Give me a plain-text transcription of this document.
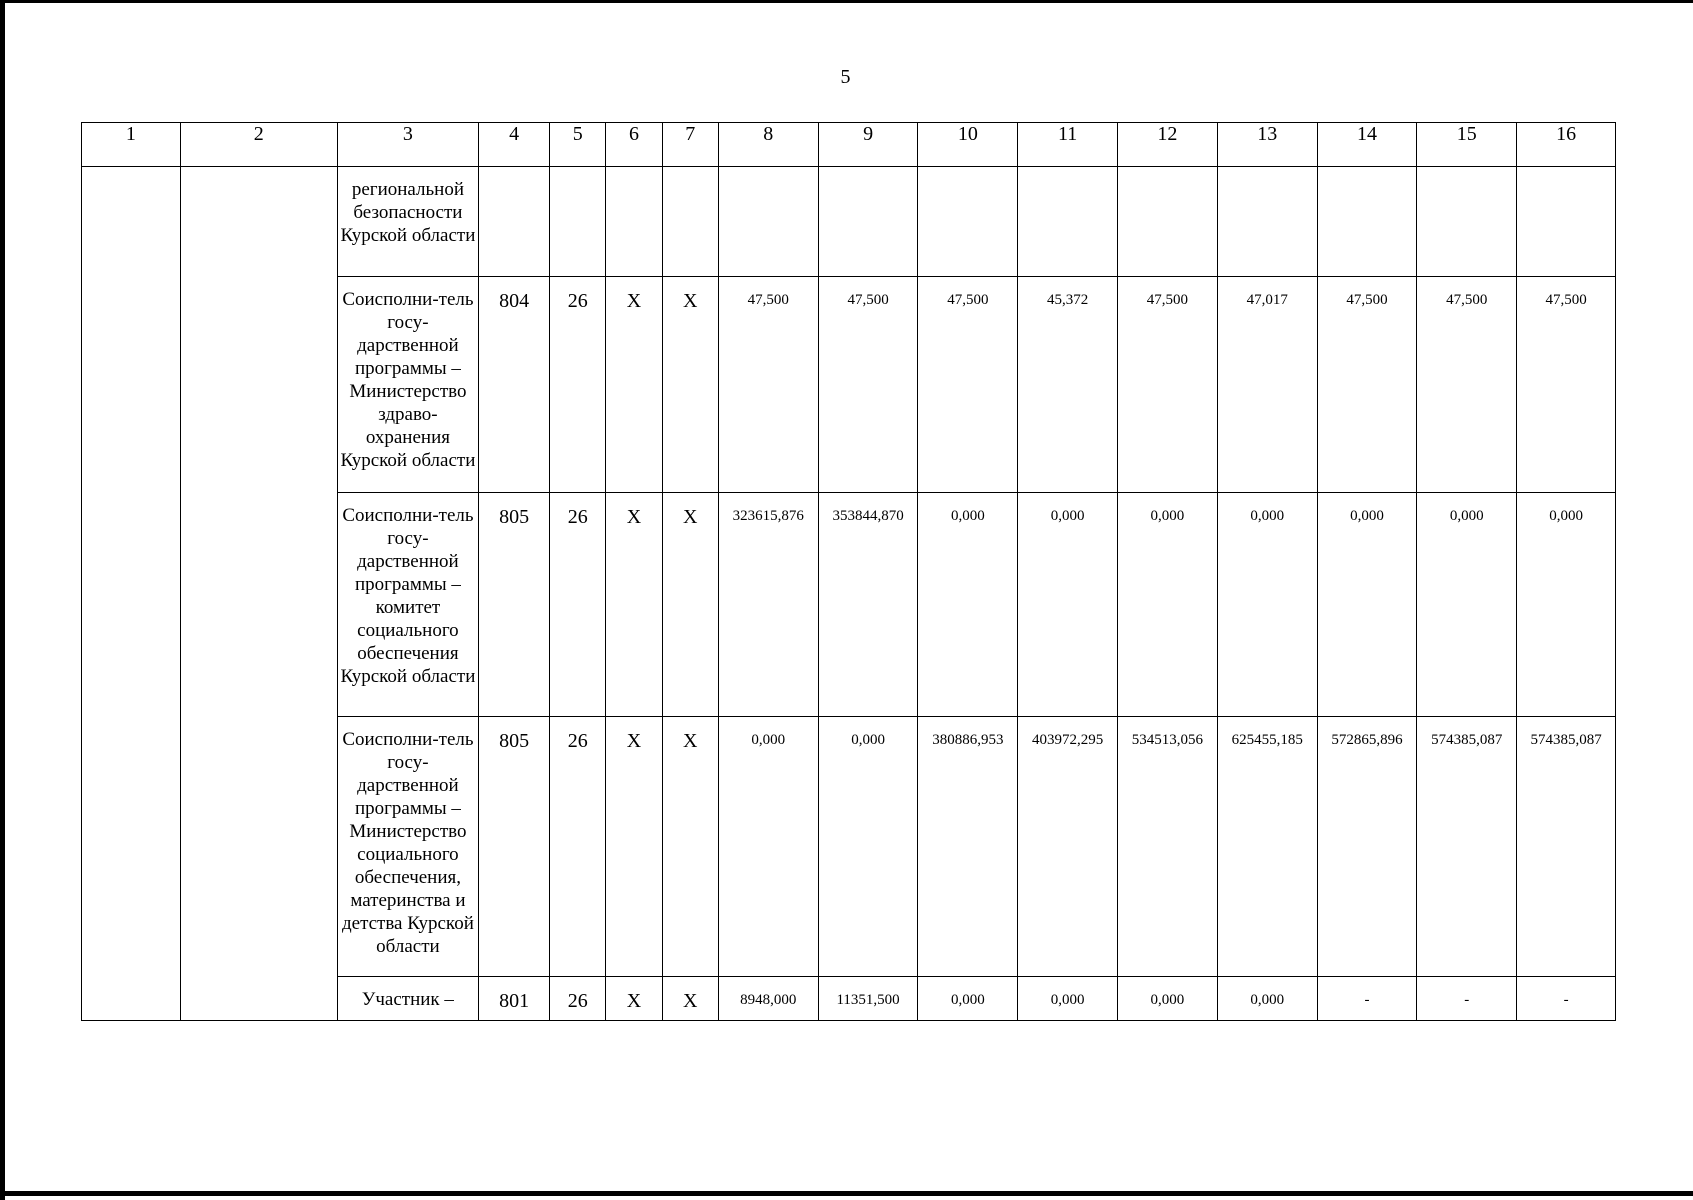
5
1	2	3	4	5	6	7	8	9	10	11	12	13	14	15	16
		региональной безопасности Курской области													
		Соисполни-тель госу-дарственной программы – Министерство здраво-охранения Курской области	804	26	Х	Х	47,500	47,500	47,500	45,372	47,500	47,017	47,500	47,500	47,500
		Соисполни-тель госу-дарственной программы – комитет социального обеспечения Курской области	805	26	Х	Х	323615,876	353844,870	0,000	0,000	0,000	0,000	0,000	0,000	0,000
		Соисполни-тель госу-дарственной программы – Министерство социального обеспечения, материнства и детства Курской области	805	26	Х	Х	0,000	0,000	380886,953	403972,295	534513,056	625455,185	572865,896	574385,087	574385,087
		Участник –	801	26	Х	Х	8948,000	11351,500	0,000	0,000	0,000	0,000	-	-	-
